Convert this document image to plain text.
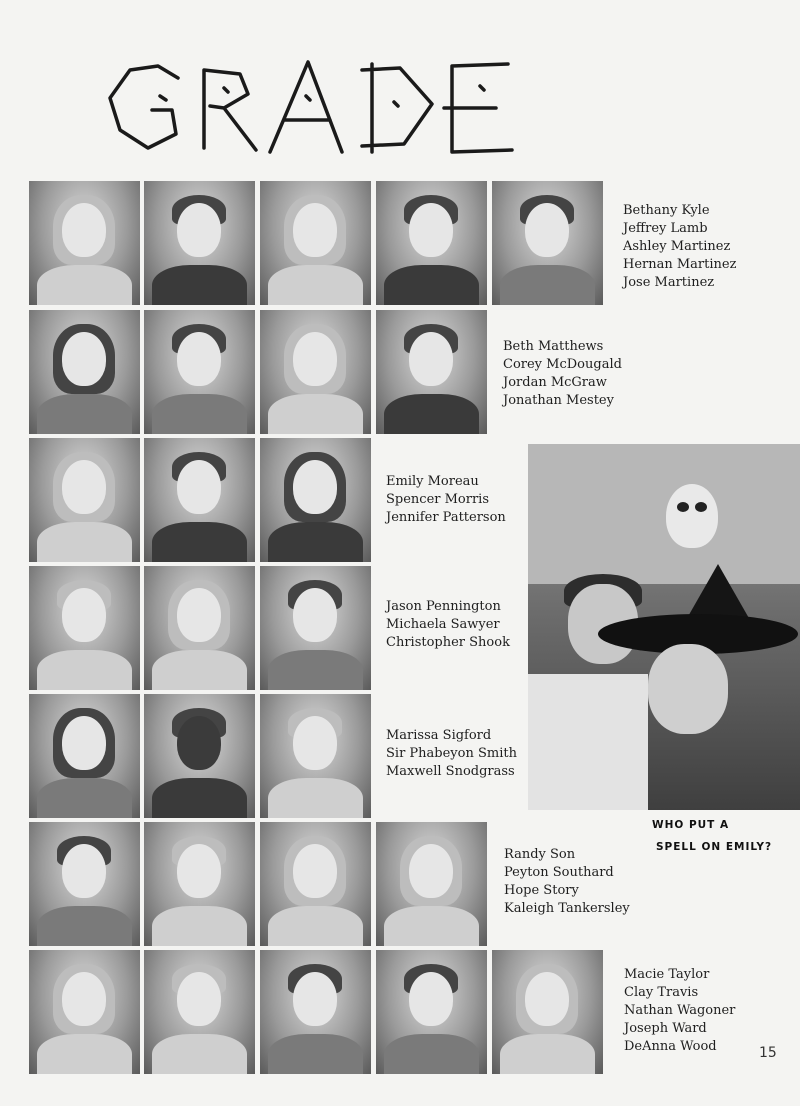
Bethany Kyle
Jeffrey Lamb
Ashley Martinez
Hernan Martinez
Jose Martinez
Beth Matthews
Corey McDougald
Jordan McGraw
Jonathan Mestey
Emily Moreau
Spencer Morris
Jennifer Patterson
Jason Pennington
Michaela Sawyer
Christopher Shook
Marissa Sigford
Sir Phabeyon Smith
Maxwell Snodgrass
Randy Son
Peyton Southard
Hope Story
Kaleigh Tankersley
Macie Taylor
Clay Travis
Nathan Wagoner
Joseph Ward
DeAnna Wood
WHO PUT A
SPELL ON EMILY?
15
